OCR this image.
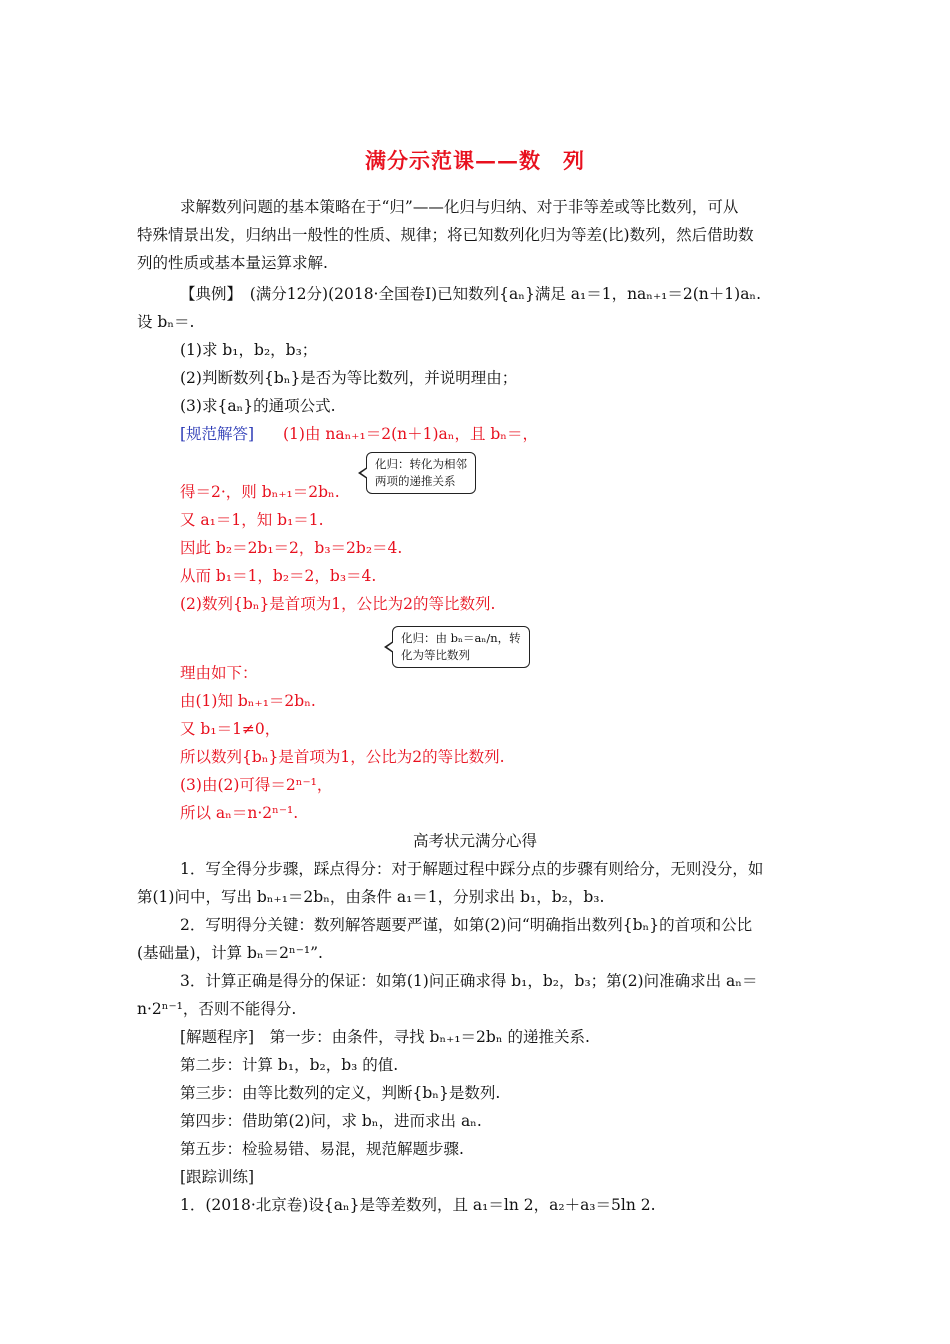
满分示范课——数　列
求解数列问题的基本策略在于“归”——化归与归纳、对于非等差或等比数列，可从
特殊情景出发，归纳出一般性的性质、规律；将已知数列化归为等差(比)数列，然后借助数
列的性质或基本量运算求解.
【典例】　(满分12分)(2018·全国卷Ⅰ)已知数列{aₙ}满足 a₁＝1，naₙ₊₁＝2(n＋1)aₙ.
设 bₙ＝.
(1)求 b₁，b₂，b₃；
(2)判断数列{bₙ}是否为等比数列，并说明理由；
(3)求{aₙ}的通项公式.
[规范解答] (1)由 naₙ₊₁＝2(n＋1)aₙ，且 bₙ＝，
化归：转化为相邻
两项的递推关系
得＝2·，则 bₙ₊₁＝2bₙ.
又 a₁＝1，知 b₁＝1.
因此 b₂＝2b₁＝2，b₃＝2b₂＝4.
从而 b₁＝1，b₂＝2，b₃＝4.
(2)数列{bₙ}是首项为1，公比为2的等比数列.
化归：由 bₙ＝aₙ/n，转
化为等比数列
理由如下：
由(1)知 bₙ₊₁＝2bₙ.
又 b₁＝1≠0，
所以数列{bₙ}是首项为1，公比为2的等比数列.
(3)由(2)可得＝2ⁿ⁻¹，
所以 aₙ＝n·2ⁿ⁻¹.
高考状元满分心得
1．写全得分步骤，踩点得分：对于解题过程中踩分点的步骤有则给分，无则没分，如
第(1)问中，写出 bₙ₊₁＝2bₙ，由条件 a₁＝1，分别求出 b₁，b₂，b₃.
2．写明得分关键：数列解答题要严谨，如第(2)问“明确指出数列{bₙ}的首项和公比
(基础量)，计算 bₙ＝2ⁿ⁻¹”.
3．计算正确是得分的保证：如第(1)问正确求得 b₁，b₂，b₃；第(2)问准确求出 aₙ＝
n·2ⁿ⁻¹，否则不能得分.
[解题程序]　第一步：由条件，寻找 bₙ₊₁＝2bₙ 的递推关系.
第二步：计算 b₁，b₂，b₃ 的值.
第三步：由等比数列的定义，判断{bₙ}是数列.
第四步：借助第(2)问，求 bₙ，进而求出 aₙ.
第五步：检验易错、易混，规范解题步骤.
[跟踪训练]
1．(2018·北京卷)设{aₙ}是等差数列，且 a₁＝ln 2，a₂＋a₃＝5ln 2.
